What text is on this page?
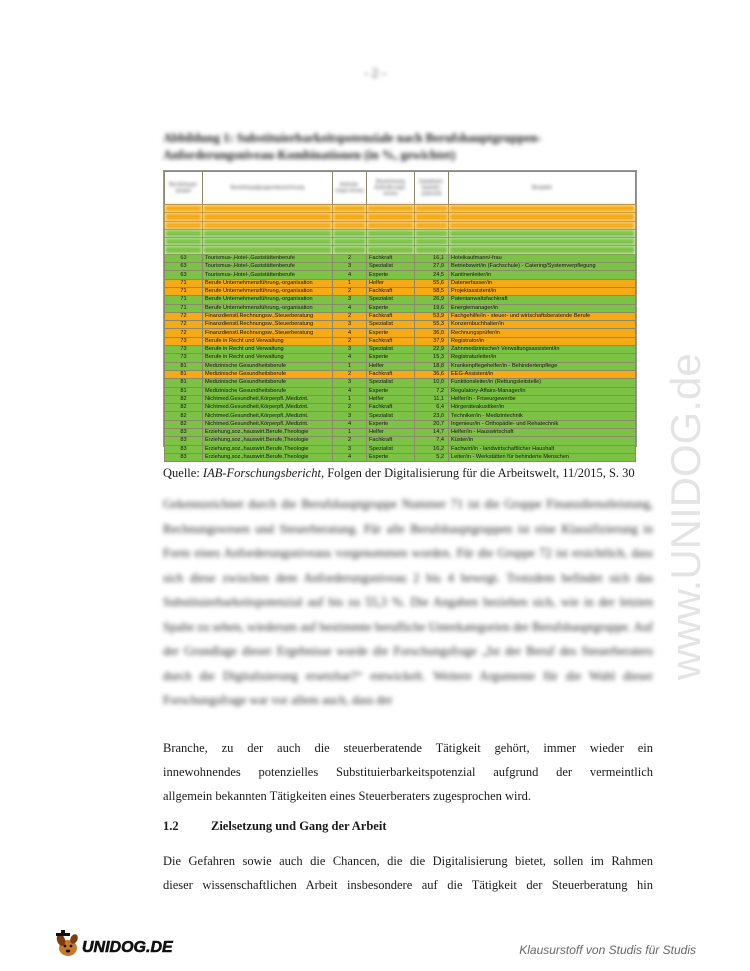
- 2 -
Abbildung 1: Substituierbarkeitspotenziale nach Berufshauptgruppen-Anforderungsniveau-Kombinationen (in %, gewichtet)
Berufshaupt-gruppe	Berufshauptgruppenbezeichnung	Anforde-rungs-niveau	Bezeichnung Anforderungs-niveau	Substituier-barkeits-potenzial	Beispiele

63	Tourismus-,Hotel-,Gaststättenberufe	2	Fachkraft	16,1	Hotelkaufmann/-frau
63	Tourismus-,Hotel-,Gaststättenberufe	3	Spezialist	27,0	Betriebswirt/in (Fachschule) - Catering/Systemverpflegung
63	Tourismus-,Hotel-,Gaststättenberufe	4	Experte	24,5	Kantinenleiter/in
71	Berufe Unternehmensführung,-organisation	1	Helfer	55,6	Datenerfasser/in
71	Berufe Unternehmensführung,-organisation	2	Fachkraft	58,5	Projektassistent/in
71	Berufe Unternehmensführung,-organisation	3	Spezialist	26,9	Patentanwaltsfachkraft
71	Berufe Unternehmensführung,-organisation	4	Experte	19,6	Energiemanager/in
72	Finanzdienstl.Rechnungsw.,Steuerberatung	2	Fachkraft	53,9	Fachgehilfe/in - steuer- und wirtschaftsberatende Berufe
72	Finanzdienstl.Rechnungsw.,Steuerberatung	3	Spezialist	55,3	Konzernbuchhalter/in
72	Finanzdienstl.Rechnungsw.,Steuerberatung	4	Experte	36,0	Rechnungsprüfer/in
73	Berufe in Recht und Verwaltung	2	Fachkraft	37,9	Registrator/in
73	Berufe in Recht und Verwaltung	3	Spezialist	22,9	Zahnmedizinische/r Verwaltungsassistent/in
73	Berufe in Recht und Verwaltung	4	Experte	15,3	Registraturleiter/in
81	Medizinische Gesundheitsberufe	1	Helfer	18,8	Krankenpflegehelfer/in - Behindertenpflege
81	Medizinische Gesundheitsberufe	2	Fachkraft	36,6	EEG-Assistent/in
81	Medizinische Gesundheitsberufe	3	Spezialist	10,0	Funktionsleiter/in (Rettungsleitstelle)
81	Medizinische Gesundheitsberufe	4	Experte	7,2	Regulatory-Affairs-Manager/in
82	Nichtmed.Gesundheit,Körperpfl.,Medizint.	1	Helfer	11,1	Helfer/in - Friseurgewerbe
82	Nichtmed.Gesundheit,Körperpfl.,Medizint.	2	Fachkraft	6,4	Hörgeräteakustiker/in
82	Nichtmed.Gesundheit,Körperpfl.,Medizint.	3	Spezialist	23,0	Techniker/in - Medizintechnik
82	Nichtmed.Gesundheit,Körperpfl.,Medizint.	4	Experte	20,7	Ingenieur/in - Orthopädie- und Rehatechnik
83	Erziehung,soz.,hauswirt.Berufe,Theologie	1	Helfer	14,7	Helfer/in - Hauswirtschaft
83	Erziehung,soz.,hauswirt.Berufe,Theologie	2	Fachkraft	7,4	Küster/in
83	Erziehung,soz.,hauswirt.Berufe,Theologie	3	Spezialist	16,2	Fachwirt/in - landwirtschaftlicher Haushalt
83	Erziehung,soz.,hauswirt.Berufe,Theologie	4	Experte	5,2	Leiter/in - Werkstätten für behinderte Menschen
Quelle: IAB-Forschungsbericht, Folgen der Digitalisierung für die Arbeitswelt, 11/2015, S. 30
Gekennzeichnet durch die Berufshauptgruppe Nummer 71 ist die Gruppe Finanzdienstleistung, Rechnungswesen und Steuerberatung. Für alle Berufshauptgruppen ist eine Klassifizierung in Form eines Anforderungsniveaus vorgenommen worden. Für die Gruppe 72 ist ersichtlich, dass sich diese zwischen dem Anforderungsniveau 2 bis 4 bewegt. Trotzdem befindet sich das Substituierbarkeitspotenzial auf bis zu 55,3 %. Die Angaben beziehen sich, wie in der letzten Spalte zu sehen, wiederum auf bestimmte berufliche Unterkategorien der Berufshauptgruppe. Auf der Grundlage dieser Ergebnisse wurde die Forschungsfrage „Ist der Beruf des Steuerberaters durch die Digitalisierung ersetzbar?“ entwickelt. Weitere Argumente für die Wahl dieser Forschungsfrage war vor allem auch, dass der
Branche, zu der auch die steuerberatende Tätigkeit gehört, immer wieder ein
innewohnendes potenzielles Substituierbarkeitspotenzial aufgrund der vermeintlich
allgemein bekannten Tätigkeiten eines Steuerberaters zugesprochen wird.
1.2	Zielsetzung und Gang der Arbeit
Die Gefahren sowie auch die Chancen, die die Digitalisierung bietet, sollen im Rahmen
dieser wissenschaftlichen Arbeit insbesondere auf die Tätigkeit der Steuerberatung hin
www.UNIDOG.de
UNIDOG.DE	Klausurstoff von Studis für Studis
